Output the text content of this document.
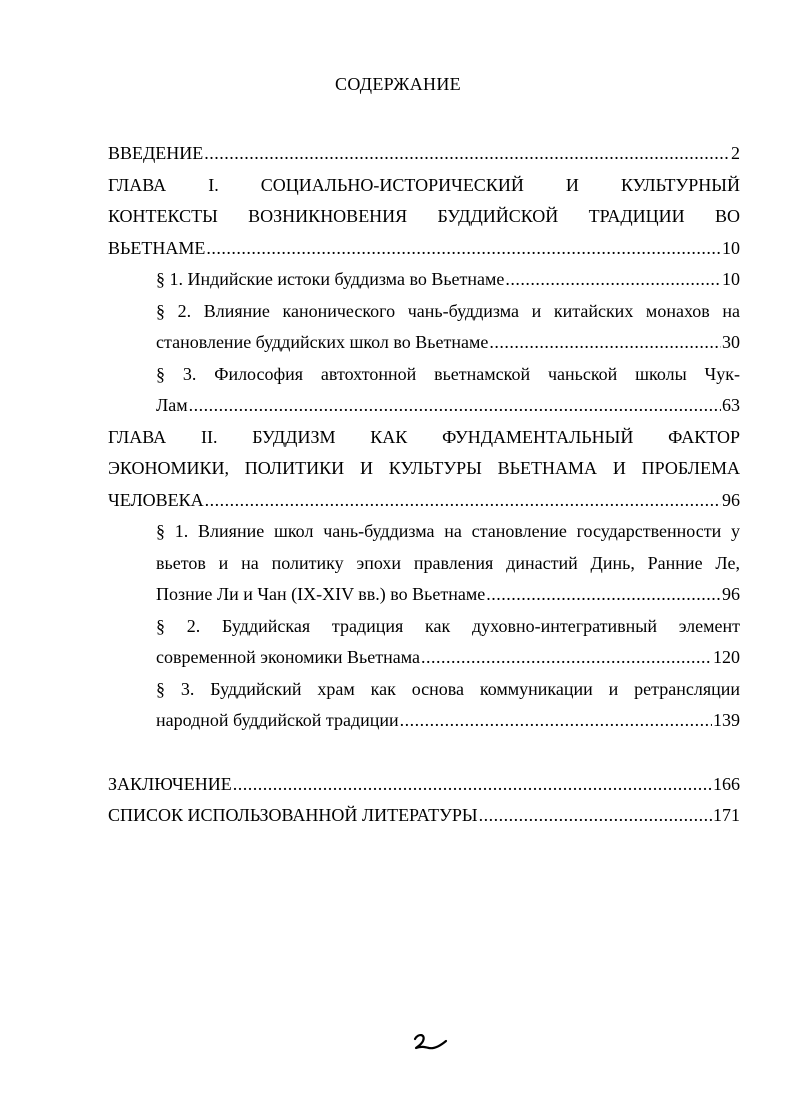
СОДЕРЖАНИЕ
ВВЕДЕНИЕ .....	2
ГЛАВА I. СОЦИАЛЬНО-ИСТОРИЧЕСКИЙ И КУЛЬТУРНЫЙ
КОНТЕКСТЫ ВОЗНИКНОВЕНИЯ БУДДИЙСКОЙ ТРАДИЦИИ ВО
ВЬЕТНАМЕ .....	10
§ 1. Индийские истоки буддизма во Вьетнаме .....	10
§ 2. Влияние канонического чань-буддизма и китайских монахов на
становление буддийских школ во Вьетнаме .....	30
§ 3. Философия автохтонной вьетнамской чаньской школы Чук-
Лам .....	63
ГЛАВА II. БУДДИЗМ КАК ФУНДАМЕНТАЛЬНЫЙ ФАКТОР
ЭКОНОМИКИ, ПОЛИТИКИ И КУЛЬТУРЫ ВЬЕТНАМА И ПРОБЛЕМА
ЧЕЛОВЕКА .....	96
§ 1. Влияние школ чань-буддизма на становление государственности у
вьетов и на политику эпохи правления династий Динь, Ранние Ле,
Позние Ли и Чан (IX-XIV вв.) во Вьетнаме .....	96
§ 2. Буддийская традиция как духовно-интегративный элемент
современной экономики Вьетнама .....	120
§ 3. Буддийский храм как основа коммуникации и ретрансляции
народной буддийской традиции .....	139
ЗАКЛЮЧЕНИЕ .....	166
СПИСОК ИСПОЛЬЗОВАННОЙ ЛИТЕРАТУРЫ .....	171
